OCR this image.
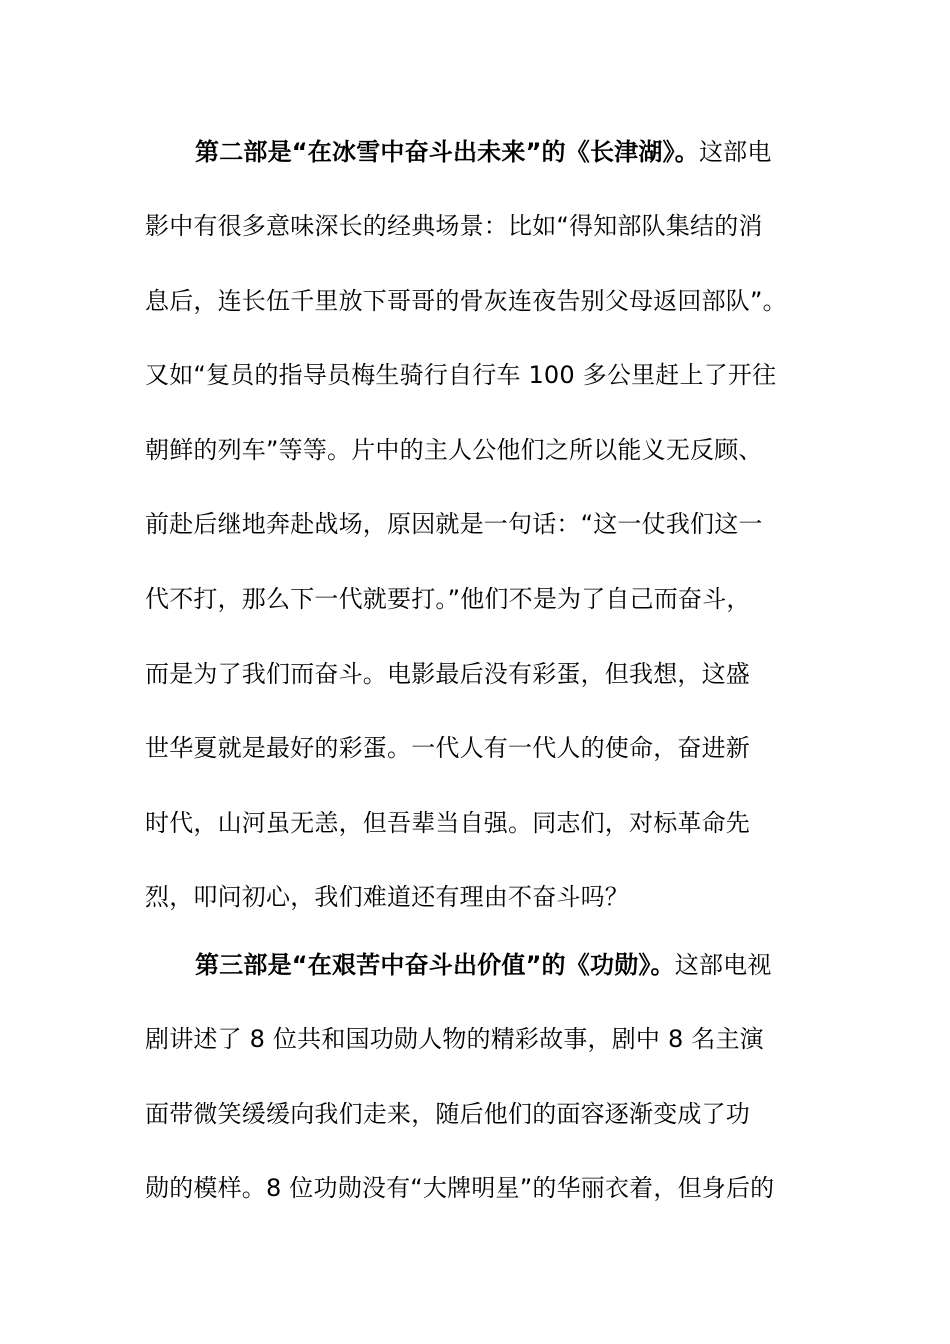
第二部是“在冰雪中奋斗出未来”的《长津湖》。这部电
影中有很多意味深长的经典场景：比如“得知部队集结的消
息后，连长伍千里放下哥哥的骨灰连夜告别父母返回部队”。
又如“复员的指导员梅生骑行自行车 100 多公里赶上了开往
朝鲜的列车”等等。片中的主人公他们之所以能义无反顾、
前赴后继地奔赴战场，原因就是一句话：“这一仗我们这一
代不打，那么下一代就要打。”他们不是为了自己而奋斗，
而是为了我们而奋斗。电影最后没有彩蛋，但我想，这盛
世华夏就是最好的彩蛋。一代人有一代人的使命，奋进新
时代，山河虽无恙，但吾辈当自强。同志们，对标革命先
烈，叩问初心，我们难道还有理由不奋斗吗？
第三部是“在艰苦中奋斗出价值”的《功勋》。这部电视
剧讲述了 8 位共和国功勋人物的精彩故事，剧中 8 名主演
面带微笑缓缓向我们走来，随后他们的面容逐渐变成了功
勋的模样。8 位功勋没有“大牌明星”的华丽衣着，但身后的
